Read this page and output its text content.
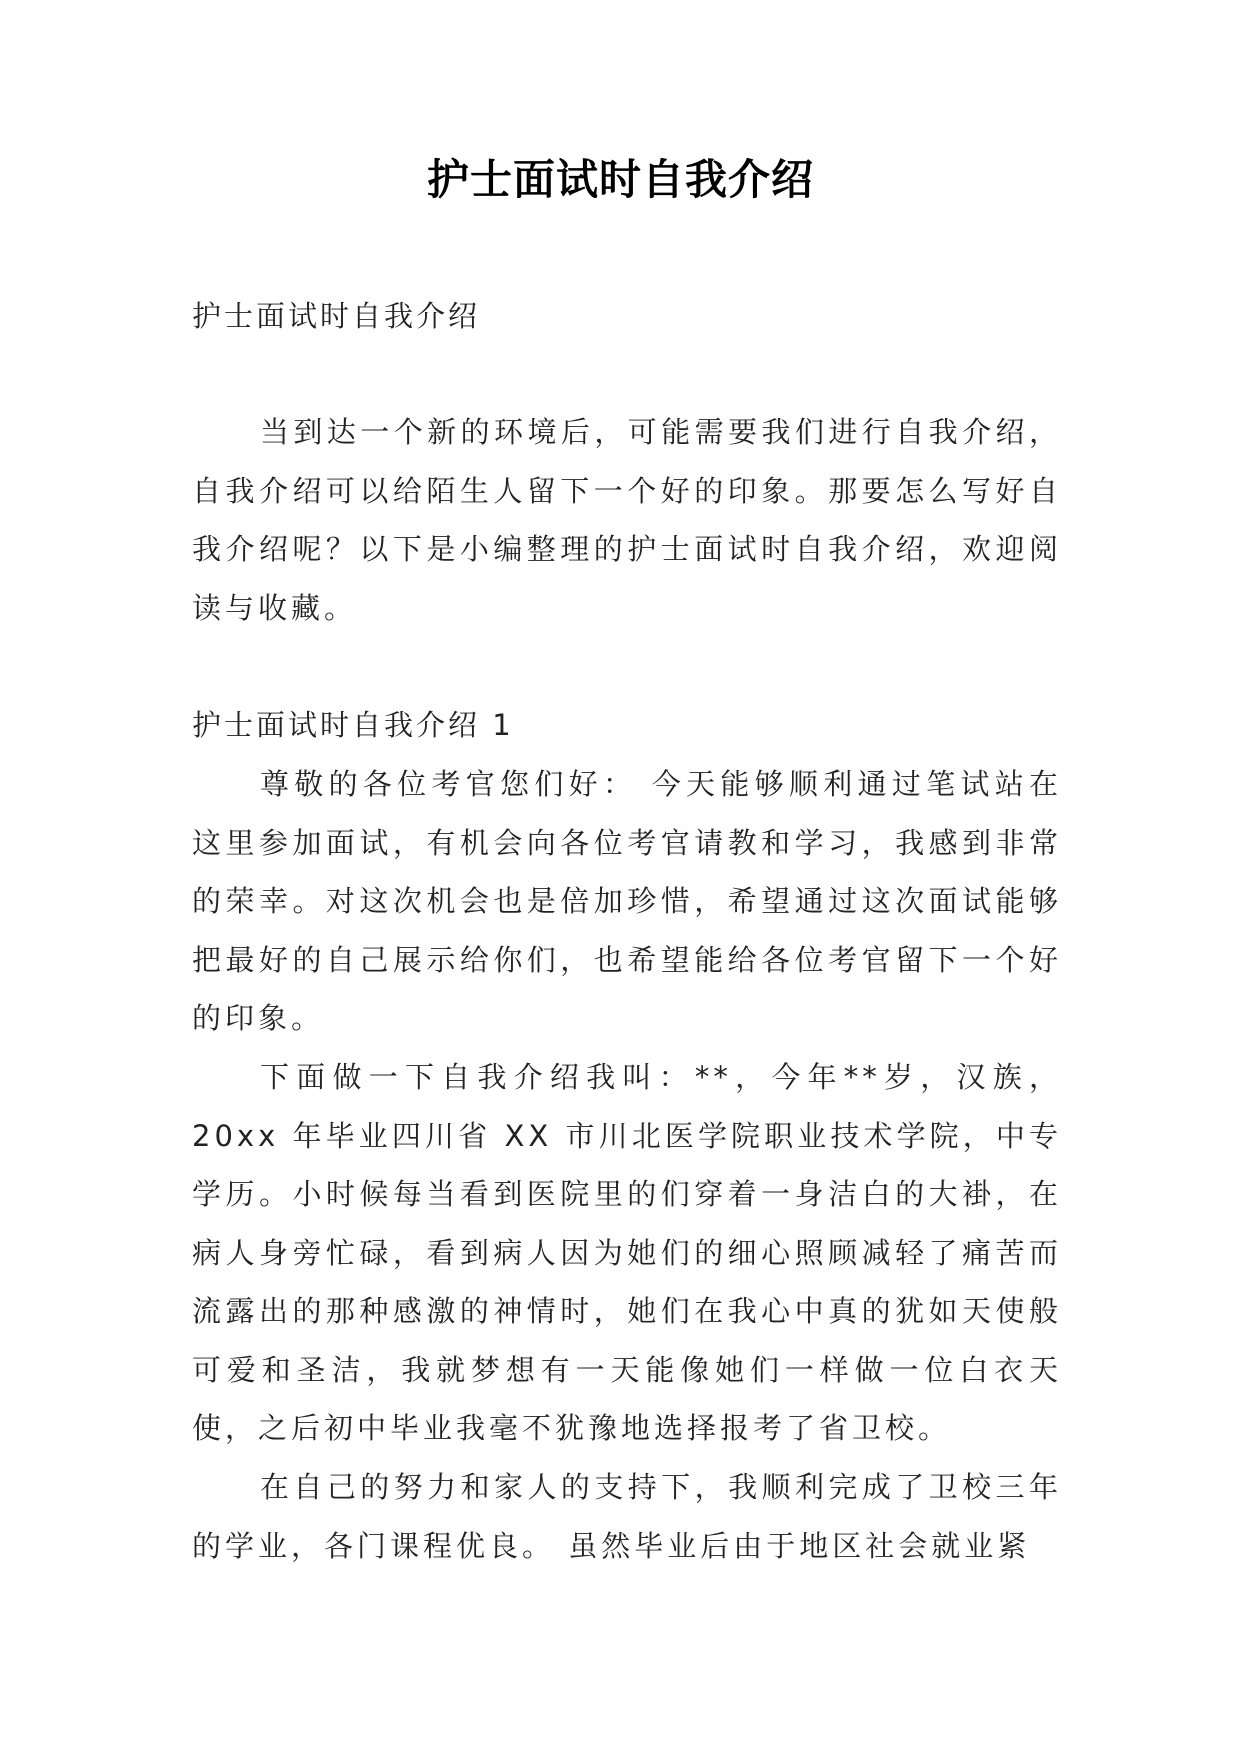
护士面试时自我介绍

护士面试时自我介绍

当到达一个新的环境后，可能需要我们进行自我介绍，自我介绍可以给陌生人留下一个好的印象。那要怎么写好自我介绍呢？以下是小编整理的护士面试时自我介绍，欢迎阅读与收藏。

护士面试时自我介绍 1

尊敬的各位考官您们好： 今天能够顺利通过笔试站在这里参加面试，有机会向各位考官请教和学习，我感到非常的荣幸。对这次机会也是倍加珍惜，希望通过这次面试能够把最好的自己展示给你们，也希望能给各位考官留下一个好的印象。

下面做一下自我介绍我叫：**，今年**岁，汉族，20xx 年毕业四川省 XX 市川北医学院职业技术学院，中专学历。小时候每当看到医院里的们穿着一身洁白的大褂，在病人身旁忙碌，看到病人因为她们的细心照顾减轻了痛苦而流露出的那种感激的神情时，她们在我心中真的犹如天使般可爱和圣洁，我就梦想有一天能像她们一样做一位白衣天使，之后初中毕业我毫不犹豫地选择报考了省卫校。

在自己的努力和家人的支持下，我顺利完成了卫校三年的学业，各门课程优良。 虽然毕业后由于地区社会就业紧
